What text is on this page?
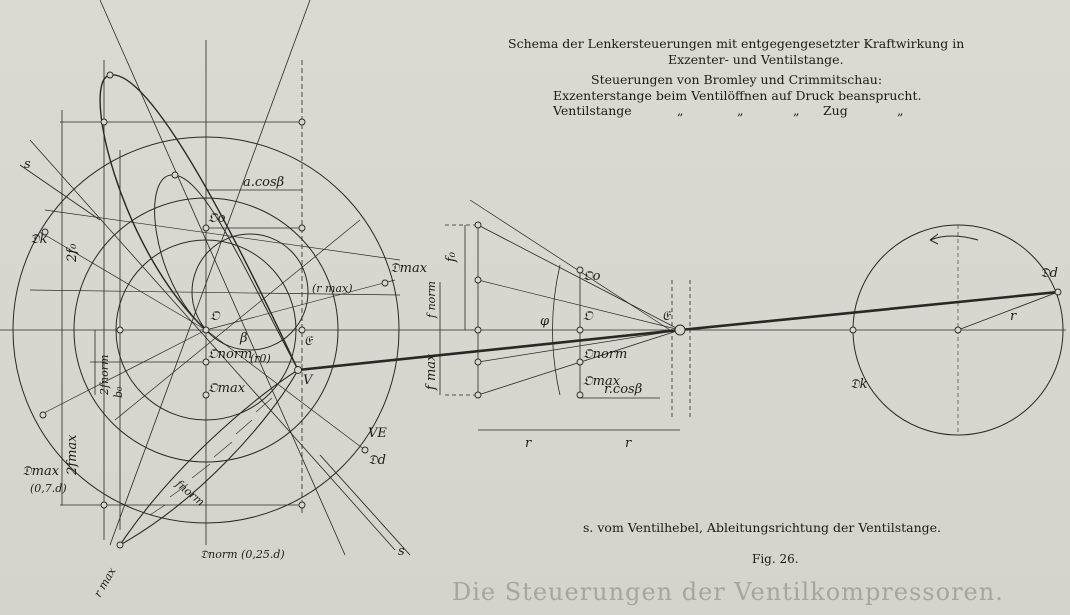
𝔇k
𝔇max
(0,7.d)
𝔇norm (0,25.d)
𝔇max
𝔇d
VE
𝔒o
𝔒
𝔒norm
𝔒max
β
V
𝔈
(r max)
(r0)
a.cosβ
s
s
2f₀
2fnorm
2fmax
b₀
r max
fnorm
𝔒o
𝔒
𝔒norm
𝔒max
f₀
f norm
f max
φ
r.cosβ
r	r
𝔈
𝔇d
𝔇k
r
Schema der Lenkersteuerungen mit entgegengesetzter Kraftwirkung in
Exzenter- und Ventilstange.
Steuerungen von Bromley und Crimmitschau:
Exzenterstange beim Ventilöffnen auf Druck beansprucht.
Ventilstange	„	„	„ Zug	„
s. vom Ventilhebel, Ableitungsrichtung der Ventilstange.
Fig. 26.
Die Steuerungen der Ventilkompressoren.
